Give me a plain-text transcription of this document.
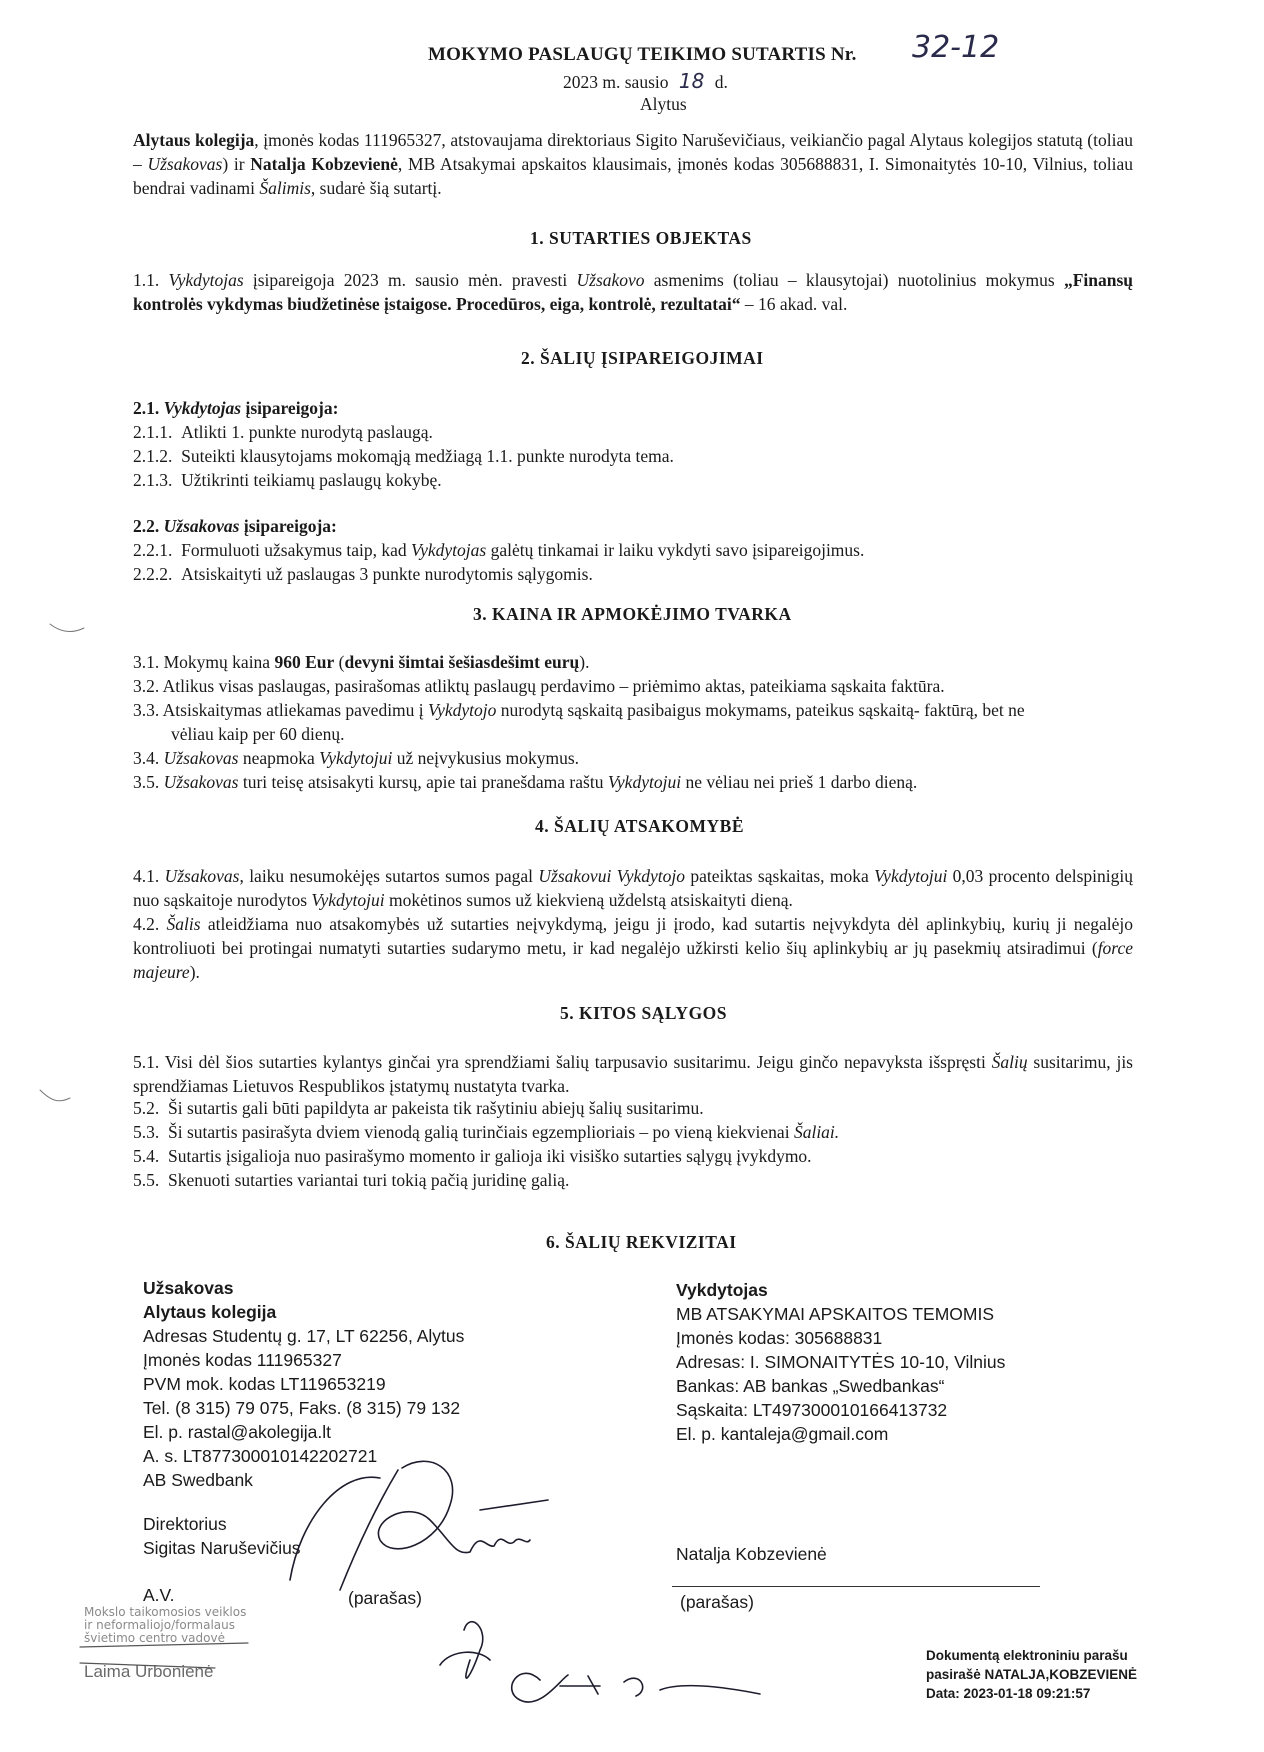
MOKYMO PASLAUGŲ TEIKIMO SUTARTIS Nr. 32-12
2023 m. sausio 18 d.
Alytus
Alytaus kolegija, įmonės kodas 111965327, atstovaujama direktoriaus Sigito Naruševičiaus, veikiančio pagal Alytaus kolegijos statutą (toliau – Užsakovas) ir Natalja Kobzevienė, MB Atsakymai apskaitos klausimais, įmonės kodas 305688831, I. Simonaitytės 10-10, Vilnius, toliau bendrai vadinami Šalimis, sudarė šią sutartį.
1. SUTARTIES OBJEKTAS
1.1. Vykdytojas įsipareigoja 2023 m. sausio mėn. pravesti Užsakovo asmenims (toliau – klausytojai) nuotolinius mokymus „Finansų kontrolės vykdymas biudžetinėse įstaigose. Procedūros, eiga, kontrolė, rezultatai“ – 16 akad. val.
2. ŠALIŲ ĮSIPAREIGOJIMAI
2.1. Vykdytojas įsipareigoja:
2.1.1. Atlikti 1. punkte nurodytą paslaugą.
2.1.2. Suteikti klausytojams mokomąją medžiagą 1.1. punkte nurodyta tema.
2.1.3. Užtikrinti teikiamų paslaugų kokybę.
2.2. Užsakovas įsipareigoja:
2.2.1. Formuluoti užsakymus taip, kad Vykdytojas galėtų tinkamai ir laiku vykdyti savo įsipareigojimus.
2.2.2. Atsiskaityti už paslaugas 3 punkte nurodytomis sąlygomis.
3. KAINA IR APMOKĖJIMO TVARKA
3.1. Mokymų kaina 960 Eur (devyni šimtai šešiasdešimt eurų).
3.2. Atlikus visas paslaugas, pasirašomas atliktų paslaugų perdavimo – priėmimo aktas, pateikiama sąskaita faktūra.
3.3. Atsiskaitymas atliekamas pavedimu į Vykdytojo nurodytą sąskaitą pasibaigus mokymams, pateikus sąskaitą- faktūrą, bet ne
vėliau kaip per 60 dienų.
3.4. Užsakovas neapmoka Vykdytojui už neįvykusius mokymus.
3.5. Užsakovas turi teisę atsisakyti kursų, apie tai pranešdama raštu Vykdytojui ne vėliau nei prieš 1 darbo dieną.
4. ŠALIŲ ATSAKOMYBĖ
4.1. Užsakovas, laiku nesumokėjęs sutartos sumos pagal Užsakovui Vykdytojo pateiktas sąskaitas, moka Vykdytojui 0,03 procento delspinigių nuo sąskaitoje nurodytos Vykdytojui mokėtinos sumos už kiekvieną uždelstą atsiskaityti dieną.
4.2. Šalis atleidžiama nuo atsakomybės už sutarties neįvykdymą, jeigu ji įrodo, kad sutartis neįvykdyta dėl aplinkybių, kurių ji negalėjo kontroliuoti bei protingai numatyti sutarties sudarymo metu, ir kad negalėjo užkirsti kelio šių aplinkybių ar jų pasekmių atsiradimui (force majeure).
5. KITOS SĄLYGOS
5.1. Visi dėl šios sutarties kylantys ginčai yra sprendžiami šalių tarpusavio susitarimu. Jeigu ginčo nepavyksta išspręsti Šalių susitarimu, jis sprendžiamas Lietuvos Respublikos įstatymų nustatyta tvarka.
5.2. Ši sutartis gali būti papildyta ar pakeista tik rašytiniu abiejų šalių susitarimu.
5.3. Ši sutartis pasirašyta dviem vienodą galią turinčiais egzemplioriais – po vieną kiekvienai Šaliai.
5.4. Sutartis įsigalioja nuo pasirašymo momento ir galioja iki visiško sutarties sąlygų įvykdymo.
5.5. Skenuoti sutarties variantai turi tokią pačią juridinę galią.
6. ŠALIŲ REKVIZITAI
Užsakovas
Alytaus kolegija
Adresas Studentų g. 17, LT 62256, Alytus
Įmonės kodas 111965327
PVM mok. kodas LT119653219
Tel. (8 315) 79 075, Faks. (8 315) 79 132
El. p. rastal@akolegija.lt
A. s. LT877300010142202721
AB Swedbank
Direktorius
Sigitas Naruševičius
A.V.	(parašas)
Mokslo taikomosios veiklos
ir neformaliojo/formalaus
švietimo centro vadovė
Laima Urbonienė
Vykdytojas
MB ATSAKYMAI APSKAITOS TEMOMIS
Įmonės kodas: 305688831
Adresas: I. SIMONAITYTĖS 10-10, Vilnius
Bankas: AB bankas „Swedbankas“
Sąskaita: LT497300010166413732
El. p. kantaleja@gmail.com
Natalja Kobzevienė
(parašas)
Dokumentą elektroniniu parašu
pasirašė NATALJA,KOBZEVIENĖ
Data: 2023-01-18 09:21:57
